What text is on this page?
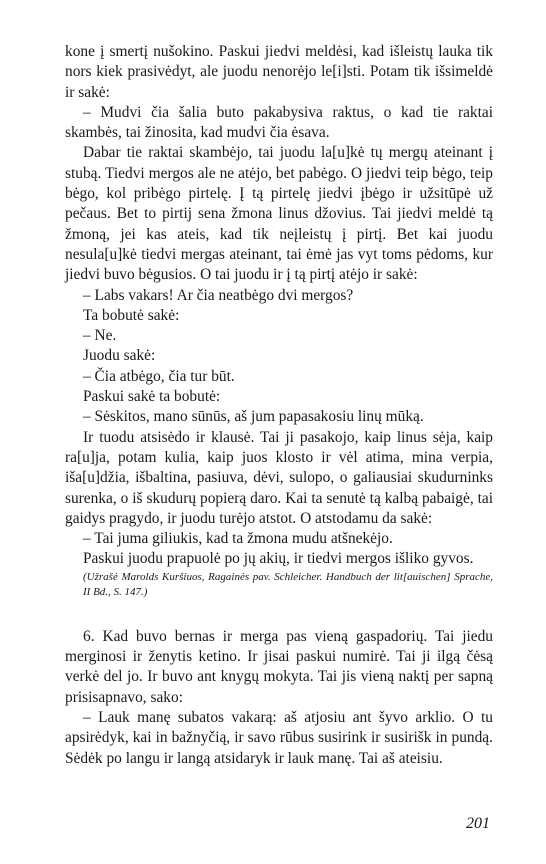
kone į smertį nušokino. Paskui jiedvi meldėsi, kad išleistų lauka tik nors kiek prasivėdyt, ale juodu nenorėjo le[i]sti. Potam tik išsimeldė ir sakė:

– Mudvi čia šalia buto pakabysiva raktus, o kad tie raktai skambės, tai žinosita, kad mudvi čia ėsava.

Dabar tie raktai skambėjo, tai juodu la[u]kė tų mergų ateinant į stubą. Tiedvi mergos ale ne atėjo, bet pabėgo. O jiedvi teip bėgo, teip bėgo, kol pribėgo pirtelę. Į tą pirtelę jiedvi įbėgo ir užsitūpė už pečaus. Bet to pirtij sena žmona linus džovius. Tai jiedvi meldė tą žmoną, jei kas ateis, kad tik neįleistų į pirtį. Bet kai juodu nesula[u]kė tiedvi mergas ateinant, tai ėmė jas vyt toms pėdoms, kur jiedvi buvo bėgusios. O tai juodu ir į tą pirtį atėjo ir sakė:

– Labs vakars! Ar čia neatbėgo dvi mergos?

Ta bobutė sakė:

– Ne.

Juodu sakė:

– Čia atbėgo, čia tur būt.

Paskui sakė ta bobutė:

– Sėskitos, mano sūnūs, aš jum papasakosiu linų mūką.

Ir tuodu atsisėdo ir klausė. Tai ji pasakojo, kaip linus sėja, kaip ra[u]ja, potam kulia, kaip juos klosto ir vėl atima, mina verpia, iša[u]džia, išbaltina, pasiuva, dėvi, sulopo, o galiausiai skudurninks surenka, o iš skudurų popierą daro. Kai ta senutė tą kalbą pabaigė, tai gaidys pragydo, ir juodu turėjo atstot. O atstodamu da sakė:

– Tai juma giliukis, kad ta žmona mudu atšnekėjo.

Paskui juodu prapuolė po jų akių, ir tiedvi mergos išliko gyvos.

(Užrašė Marolds Kuršiuos, Ragainės pav. Schleicher. Handbuch der lit[auischen] Sprache, II Bd., S. 147.)

6. Kad buvo bernas ir merga pas vieną gaspadorių. Tai jiedu merginosi ir ženytis ketino. Ir jisai paskui numirė. Tai ji ilgą čėsą verkė del jo. Ir buvo ant knygų mokyta. Tai jis vieną naktį per sapną prisisapnavo, sako:

– Lauk manę subatos vakarą: aš atjosiu ant šyvo arklio. O tu apsirėdyk, kai in bažnyčią, ir savo rūbus susirink ir susirišk in pundą. Sėdėk po langu ir langą atsidaryk ir lauk manę. Tai aš ateisiu.

201
